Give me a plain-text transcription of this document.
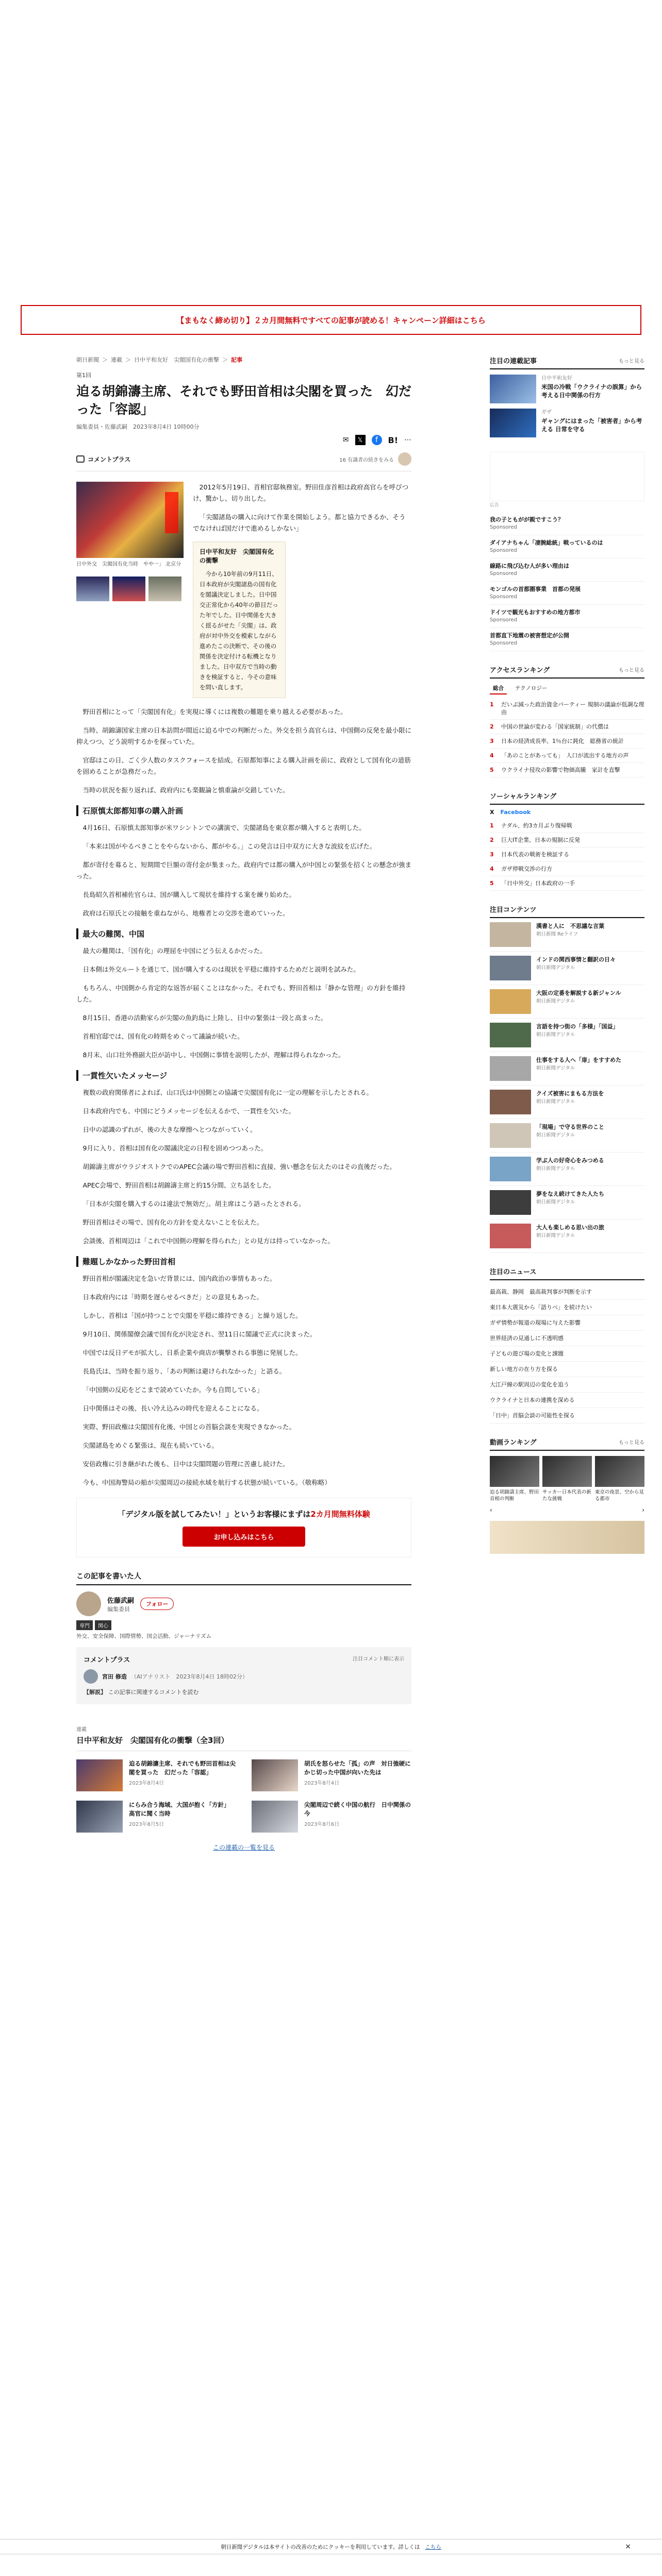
【まもなく締め切り】２カ月間無料ですべての記事が読める！キャンペーン詳細はこちら
朝日新聞 ＞ 連載 ＞ 日中平和友好　尖閣国有化の衝撃 ＞ 記事
第1回
迫る胡錦濤主席、それでも野田首相は尖閣を買った　幻だった「容認」
編集委員・佐藤武嗣　2023年8月4日 10時00分
✉	𝕏	f	B! ⋯
コメントプラス	16 有識者の続きをみる
日中外交　尖閣国有化当時　やや一」 北京分

2012年5月19日、首相官邸執務室。野田佳彦首相は政府高官らを呼びつけ、驚かし、切り出した。

「尖閣諸島の購入に向けて作業を開始しよう。都と協力できるか、そうでなければ国だけで進めるしかない」

日中平和友好　尖閣国有化の衝撃
今から10年前の9月11日、日本政府が尖閣諸島の国有化を閣議決定しました。日中国交正常化から40年の節目だった年でした。日中関係を大きく揺るがせた「尖閣」は、政府が対中外交を模索しながら進めたこの決断で、その後の関係を決定付ける転機となりました。日中双方で当時の動きを検証すると、今その意味を問い直します。

野田首相にとって「尖閣国有化」を実現に導くには複数の難題を乗り越える必要があった。

当時、胡錦濤国家主席の日本訪問が間近に迫る中での判断だった。外交を担う高官らは、中国側の反発を最小限に抑えつつ、どう説明するかを探っていた。

官邸はこの日、ごく少人数のタスクフォースを結成。石原都知事による購入計画を前に、政府として国有化の道筋を固めることが急務だった。

当時の状況を振り返れば、政府内にも楽観論と慎重論が交錯していた。

石原慎太郎都知事の購入計画

4月16日、石原慎太郎知事が米ワシントンでの講演で、尖閣諸島を東京都が購入すると表明した。

「本来は国がやるべきことをやらないから、都がやる。」この発言は日中双方に大きな波紋を広げた。

都が寄付を募ると、短期間で巨額の寄付金が集まった。政府内では都の購入が中国との緊張を招くとの懸念が強まった。

長島昭久首相補佐官らは、国が購入して現状を維持する案を練り始めた。

政府は石原氏との接触を重ねながら、地権者との交渉を進めていった。

最大の難関、中国

最大の難関は、「国有化」の理屈を中国にどう伝えるかだった。

日本側は外交ルートを通じて、国が購入するのは現状を平穏に維持するためだと説明を試みた。

もちろん、中国側から肯定的な返答が届くことはなかった。それでも、野田首相は「静かな管理」の方針を維持した。

8月15日、香港の活動家らが尖閣の魚釣島に上陸し、日中の緊張は一段と高まった。

首相官邸では、国有化の時期をめぐって議論が続いた。

8月末、山口壮外務副大臣が訪中し、中国側に事情を説明したが、理解は得られなかった。

一貫性欠いたメッセージ

複数の政府関係者によれば、山口氏は中国側との協議で尖閣国有化に一定の理解を示したとされる。

日本政府内でも、中国にどうメッセージを伝えるかで、一貫性を欠いた。

日中の認識のずれが、後の大きな摩擦へとつながっていく。

9月に入り、首相は国有化の閣議決定の日程を固めつつあった。

胡錦濤主席がウラジオストクでのAPEC会議の場で野田首相に直接、強い懸念を伝えたのはその直後だった。

APEC会場で、野田首相は胡錦濤主席と約15分間、立ち話をした。

「日本が尖閣を購入するのは違法で無効だ」。胡主席はこう語ったとされる。

野田首相はその場で、国有化の方針を変えないことを伝えた。

会談後、首相周辺は「これで中国側の理解を得られた」との見方は持っていなかった。

難題しかなかった野田首相

野田首相が閣議決定を急いだ背景には、国内政治の事情もあった。

日本政府内には「時期を遅らせるべきだ」との意見もあった。

しかし、首相は「国が持つことで尖閣を平穏に維持できる」と繰り返した。

9月10日、関係閣僚会議で国有化が決定され、翌11日に閣議で正式に決まった。

中国では反日デモが拡大し、日系企業や商店が襲撃される事態に発展した。

長島氏は、当時を振り返り、「あの判断は避けられなかった」と語る。

「中国側の反応をどこまで読めていたか。今も自問している」

日中関係はその後、長い冷え込みの時代を迎えることになる。

実際、野田政権は尖閣国有化後、中国との首脳会談を実現できなかった。

尖閣諸島をめぐる緊張は、現在も続いている。

安倍政権に引き継がれた後も、日中は尖閣問題の管理に苦慮し続けた。

今も、中国海警局の船が尖閣周辺の接続水域を航行する状態が続いている。（敬称略）

「デジタル版を試してみたい！」というお客様にまずは2カ月間無料体験
お申し込みはこちら
この記事を書いた人
佐藤武嗣
編集委員
フォロー
専門	関心
外交、安全保障、国際情勢、国会活動、ジャーナリズム
コメントプラス	注目コメント順に表示
宮田 修造 （AIアナリスト　2023年8月4日 18時02分）
【解説】 この記事に関連するコメントを読む
連載
日中平和友好　尖閣国有化の衝撃（全3回）
迫る胡錦濤主席、それでも野田首相は尖閣を買った　幻だった「容認」
2023年8月4日
胡氏を怒らせた「孤」の声　対日強硬にかじ切った中国が向いた先は
2023年8月4日
にらみ合う海域、大国が抱く「方針」　高官に聞く当時
2023年8月5日
尖閣周辺で続く中国の航行　日中関係の今
2023年8月6日
この連載の一覧を見る
注目の連載記事	もっと見る
日中平和友好
米国の冷戦「ウクライナの誤算」から考える日中関係の行方
ガザ
ギャングにはまった「被害者」から考える 日常を守る
広告
我の子ともがが親ですこう？
Sponsored
ダイアナちゃん「凄腕総統」戦っているのは
Sponsored
線路に飛び込む人が多い理由は
Sponsored
モンゴルの首都圏事業　首都の発展
Sponsored
ドイツで観光もおすすめの地方都市
Sponsored
首都直下地震の被害想定が公開
Sponsored
アクセスランキング	もっと見る
総合	テクノロジー
1	だいぶ減った政治資金パーティー 規制の議論が低調な理由
2	中国の世論が変わる「国家統制」の代償は
3	日本の経済成長率、1％台に鈍化　総務省の統計
4	「あのことがあっても」　人口が流出する地方の声
5	ウクライナ侵攻の影響で物価高騰　家計を直撃
ソーシャルランキング
X Facebook
1	ナダル、約3カ月ぶり復帰戦
2	巨大IT企業、日本の規制に反発
3	日本代表の戦術を検証する
4	ガザ停戦交渉の行方
5	「日中外交」日本政府の一手
注目コンテンツ
漢書と人に　不思議な言葉
朝日新聞 Reライフ
インドの関西事情と翻訳の日々
朝日新聞デジタル
大阪の定番を解説する新ジャンル
朝日新聞デジタル
言語を持つ街の「多様」「国益」
朝日新聞デジタル
仕事をする人へ「扉」をすすめた
朝日新聞デジタル
クイズ被害にまもる方法を
朝日新聞デジタル
「現場」で守る世界のこと
朝日新聞デジタル
学ぶ人の好奇心をみつめる
朝日新聞デジタル
夢をなえ続けてきた人たち
朝日新聞デジタル
大人も楽しめる思い出の旅
朝日新聞デジタル
注目のニュース
最高裁、静岡　最高裁判事が判断を示す
東日本大震災から「語りべ」を続けたい
ガザ情勢が報道の現場に与えた影響
世界経済の見通しに不透明感
子どもの遊び場の変化と課題
新しい地方の在り方を探る
大江戸線の駅周辺の変化を追う
ウクライナと日本の連携を深める
「日中」首脳会談の可能性を探る
動画ランキング	もっと見る
迫る胡錦濤主席、野田首相の判断
サッカー日本代表の新たな挑戦
東京の夜景、空から見る都市
‹	›
朝日新聞デジタルは本サイトの改善のためにクッキーを利用しています。詳しくは こちら	×
